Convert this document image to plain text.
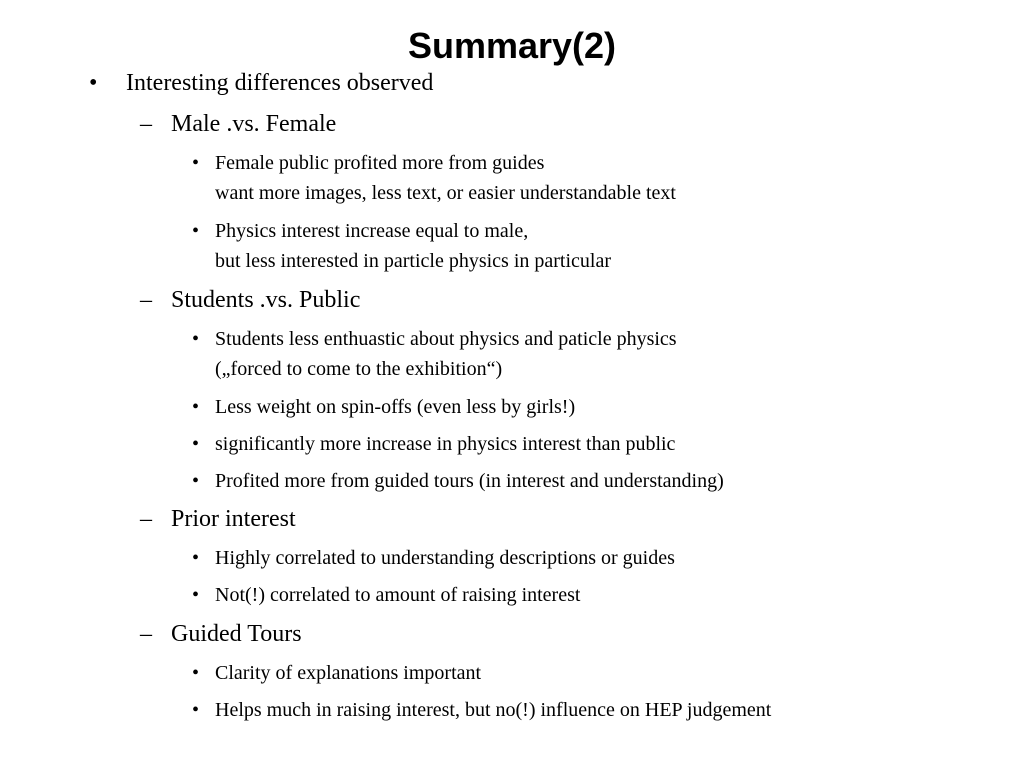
Summary(2)
• Interesting differences observed
– Male .vs. Female
• Female public profited more from guides
want more images, less text, or easier understandable text
• Physics interest increase equal to male,
but less interested in particle physics in particular
– Students .vs. Public
• Students less enthuastic about physics and paticle physics
(„forced to come to the exhibition“)
• Less weight on spin-offs (even less by girls!)
• significantly more increase in physics interest than public
• Profited more from guided tours (in interest and understanding)
– Prior interest
• Highly correlated to understanding descriptions or guides
• Not(!) correlated to amount of raising interest
– Guided Tours
• Clarity of explanations important
• Helps much in raising interest, but no(!) influence on HEP judgement
